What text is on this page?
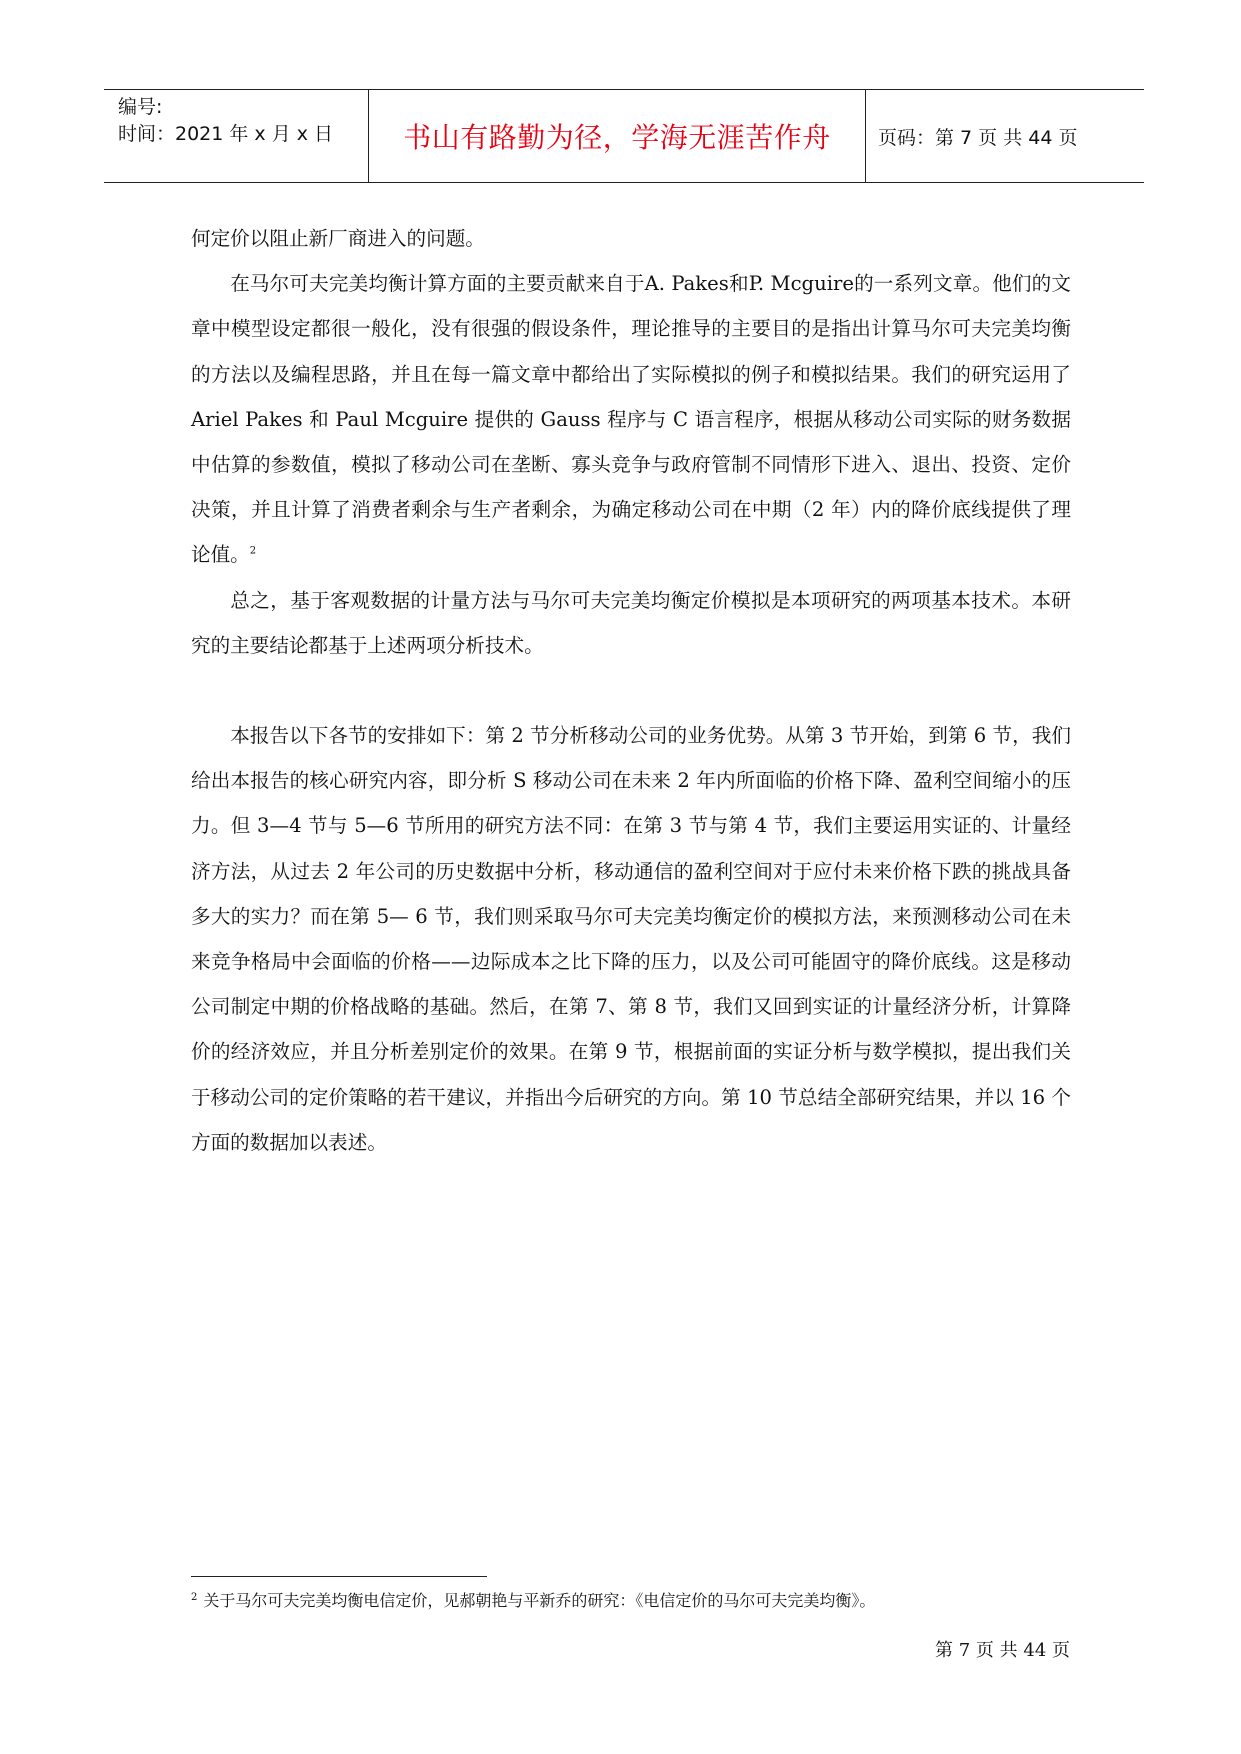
编号:
时间：2021 年 x 月 x 日	书山有路勤为径，学海无涯苦作舟	页码：第 7 页 共 44 页

何定价以阻止新厂商进入的问题。

在马尔可夫完美均衡计算方面的主要贡献来自于A. Pakes和P. Mcguire的一系列文章。他们的文章中模型设定都很一般化，没有很强的假设条件，理论推导的主要目的是指出计算马尔可夫完美均衡的方法以及编程思路，并且在每一篇文章中都给出了实际模拟的例子和模拟结果。我们的研究运用了 Ariel Pakes 和 Paul Mcguire 提供的 Gauss 程序与 C 语言程序，根据从移动公司实际的财务数据中估算的参数值，模拟了移动公司在垄断、寡头竞争与政府管制不同情形下进入、退出、投资、定价决策，并且计算了消费者剩余与生产者剩余，为确定移动公司在中期（2 年）内的降价底线提供了理论值。$^2$

总之，基于客观数据的计量方法与马尔可夫完美均衡定价模拟是本项研究的两项基本技术。本研究的主要结论都基于上述两项分析技术。

本报告以下各节的安排如下：第 2 节分析移动公司的业务优势。从第 3 节开始，到第 6 节，我们给出本报告的核心研究内容，即分析 S 移动公司在未来 2 年内所面临的价格下降、盈利空间缩小的压力。但 3—4 节与 5—6 节所用的研究方法不同：在第 3 节与第 4 节，我们主要运用实证的、计量经济方法，从过去 2 年公司的历史数据中分析，移动通信的盈利空间对于应付未来价格下跌的挑战具备多大的实力？而在第 5— 6 节，我们则采取马尔可夫完美均衡定价的模拟方法，来预测移动公司在未来竞争格局中会面临的价格——边际成本之比下降的压力，以及公司可能固守的降价底线。这是移动公司制定中期的价格战略的基础。然后，在第 7、第 8 节，我们又回到实证的计量经济分析，计算降价的经济效应，并且分析差别定价的效果。在第 9 节，根据前面的实证分析与数学模拟，提出我们关于移动公司的定价策略的若干建议，并指出今后研究的方向。第 10 节总结全部研究结果，并以 16 个方面的数据加以表述。

$^2$ 关于马尔可夫完美均衡电信定价，见郝朝艳与平新乔的研究：《电信定价的马尔可夫完美均衡》。
第 7 页 共 44 页
